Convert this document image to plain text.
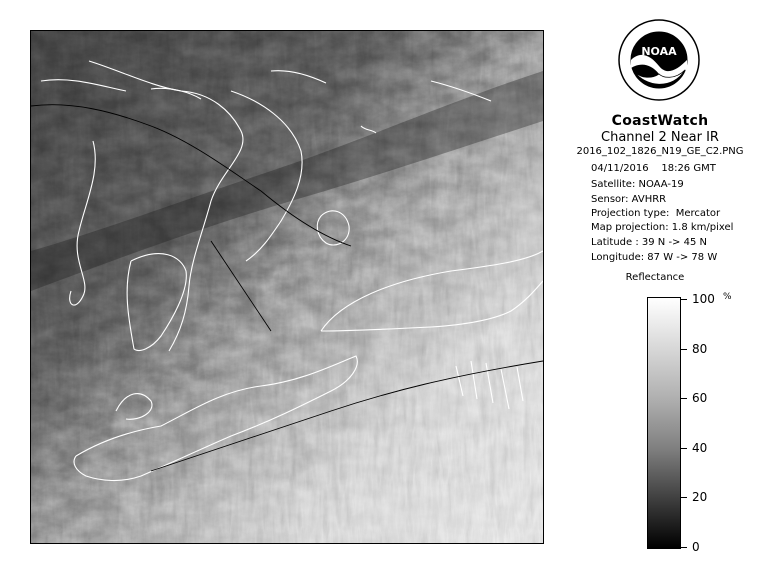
NOAA
CoastWatch
Channel 2 Near IR
2016_102_1826_N19_GE_C2.PNG
04/11/2016    18:26 GMT
Satellite: NOAA-19
Sensor: AVHRR
Projection type:  Mercator
Map projection: 1.8 km/pixel
Latitude : 39 N -> 45 N
Longitude: 87 W -> 78 W
Reflectance
%
100
80
60
40
20
0
